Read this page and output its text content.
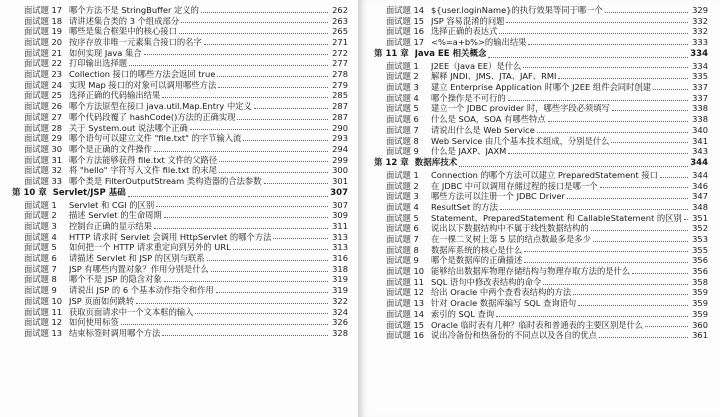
面试题 17 哪个方法不是 StringBuffer 定义的	262
面试题 18 请讲述集合类的 3 个组成部分	263
面试题 19 哪些是集合框架中的核心接口	265
面试题 20 按序存放非唯一元素集合接口的名字	271
面试题 21 如何实现 Java 集合	272
面试题 22 打印输出选择题	277
面试题 23 Collection 接口的哪些方法会返回 true	278
面试题 24 实现 Map 接口的对象可以调用哪些方法	279
面试题 25 选择正确的代码输出结果	285
面试题 26 哪个方法原型在接口 java.util.Map.Entry 中定义	287
面试题 27 哪个代码段覆了 hashCode()方法的正确实现	287
面试题 28 关于 System.out 说法哪个正确	290
面试题 29 哪个语句可以建立文件 "file.txt" 的字节输入流	293
面试题 30 哪个是正确的文件操作	294
面试题 31 哪个方法能够获得 file.txt 文件的父路径	299
面试题 32 将 "hello" 字符写入文件 file.txt 的末尾	300
面试题 33 哪个类是 FilterOutputStream 类构造器的合法参数	301
第 10 章 Servlet/JSP 基础	307
面试题 1	Servlet 和 CGI 的区别	307
面试题 2	描述 Servlet 的生命周期	309
面试题 3	控制台正确的显示结果	311
面试题 4	HTTP 请求时 Servlet 会调用 HttpServlet 的哪个方法	313
面试题 5	如何把一个 HTTP 请求重定向到另外的 URL	313
面试题 6	请描述 Servlet 和 JSP 的区别与联系	316
面试题 7	JSP 有哪些内置对象？作用分别是什么	318
面试题 8	哪个不是 JSP 的隐含对象	319
面试题 9	请说出 JSP 的 6 个基本动作指令和作用	319
面试题 10 JSP 页面如何跳转	322
面试题 11 获取页面请求中一个文本框的输入	324
面试题 12 如何使用标签	326
面试题 13 结束标签时调用哪个方法	328
面试题 14 ${user.loginName}的执行效果等同于哪一个	329
面试题 15 JSP 容易混淆的问题	332
面试题 16 选择正确的表达式	332
面试题 17 <%=a+b%>的输出结果	333
第 11 章 Java EE 相关概念	334
面试题 1	J2EE（Java EE）是什么	334
面试题 2	解释 JNDI、JMS、JTA、JAF、RMI	335
面试题 3	建立 Enterprise Application 时哪个 J2EE 组件会同时创建	337
面试题 4	哪个操作是不可行的	337
面试题 5	建立一个 JDBC provider 时，哪些字段必须填写	338
面试题 6	什么是 SOA，SOA 有哪些特点	338
面试题 7	请说出什么是 Web Service	340
面试题 8	Web Service 由几个基本技术组成，分别是什么	341
面试题 9	什么是 JAXP、JAXM	343
第 12 章 数据库技术	344
面试题 1	Connection 的哪个方法可以建立 PreparedStatement 接口	344
面试题 2	在 JDBC 中可以调用存储过程的接口是哪一个	346
面试题 3	哪些方法可以注册一个 JDBC Driver	347
面试题 4	ResultSet 的方法	348
面试题 5	Statement、PreparedStatement 和 CallableStatement 的区别 351
面试题 6	说出以下数据结构中不属于线性数据结构的	352
面试题 7	在一棵二叉树上第 5 层的结点数最多是多少	353
面试题 8	数据库系统的核心是什么	355
面试题 9	哪个是数据库的正确描述	356
面试题 10 能够给出数据库物理存储结构与物理存取方法的是什么	356
面试题 11 SQL 语句中修改表结构的命令	358
面试题 12 给出 Oracle 中两个查看表结构的方法	359
面试题 13 针对 Oracle 数据库编写 SQL 查询语句	359
面试题 14 索引的 SQL 查询	359
面试题 15 Oracle 临时表有几种？临时表和普通表的主要区别是什么	360
面试题 16 说出冷备份和热备份的不同点以及各自的优点	361
